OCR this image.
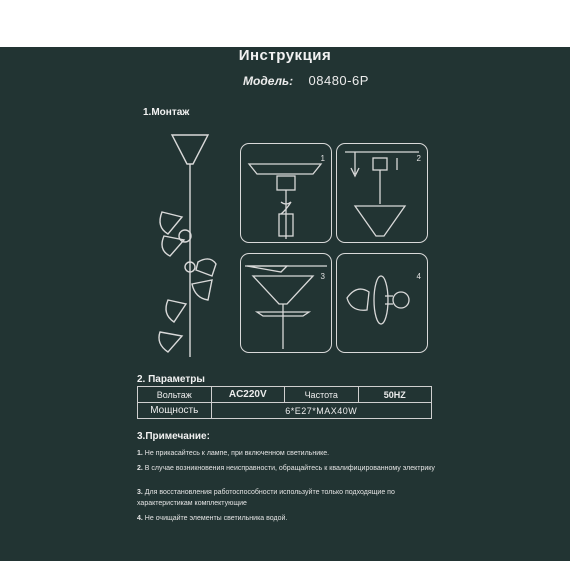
Инструкция
Модель: 08480-6P
1.Монтаж
1	2
3	4
2. Параметры
Вольтаж	AC220V	Частота	50HZ
Мощность	6*E27*MAX40W		
3.Примечание:
1. Не прикасайтесь к лампе, при включенном светильнике.
2. В случае возникновения неисправности, обращайтесь к квалифицированному электрику
3. Для восстановления работоспособности используйте только подходящие по характеристикам комплектующие
4. Не очищайте элементы светильника водой.
